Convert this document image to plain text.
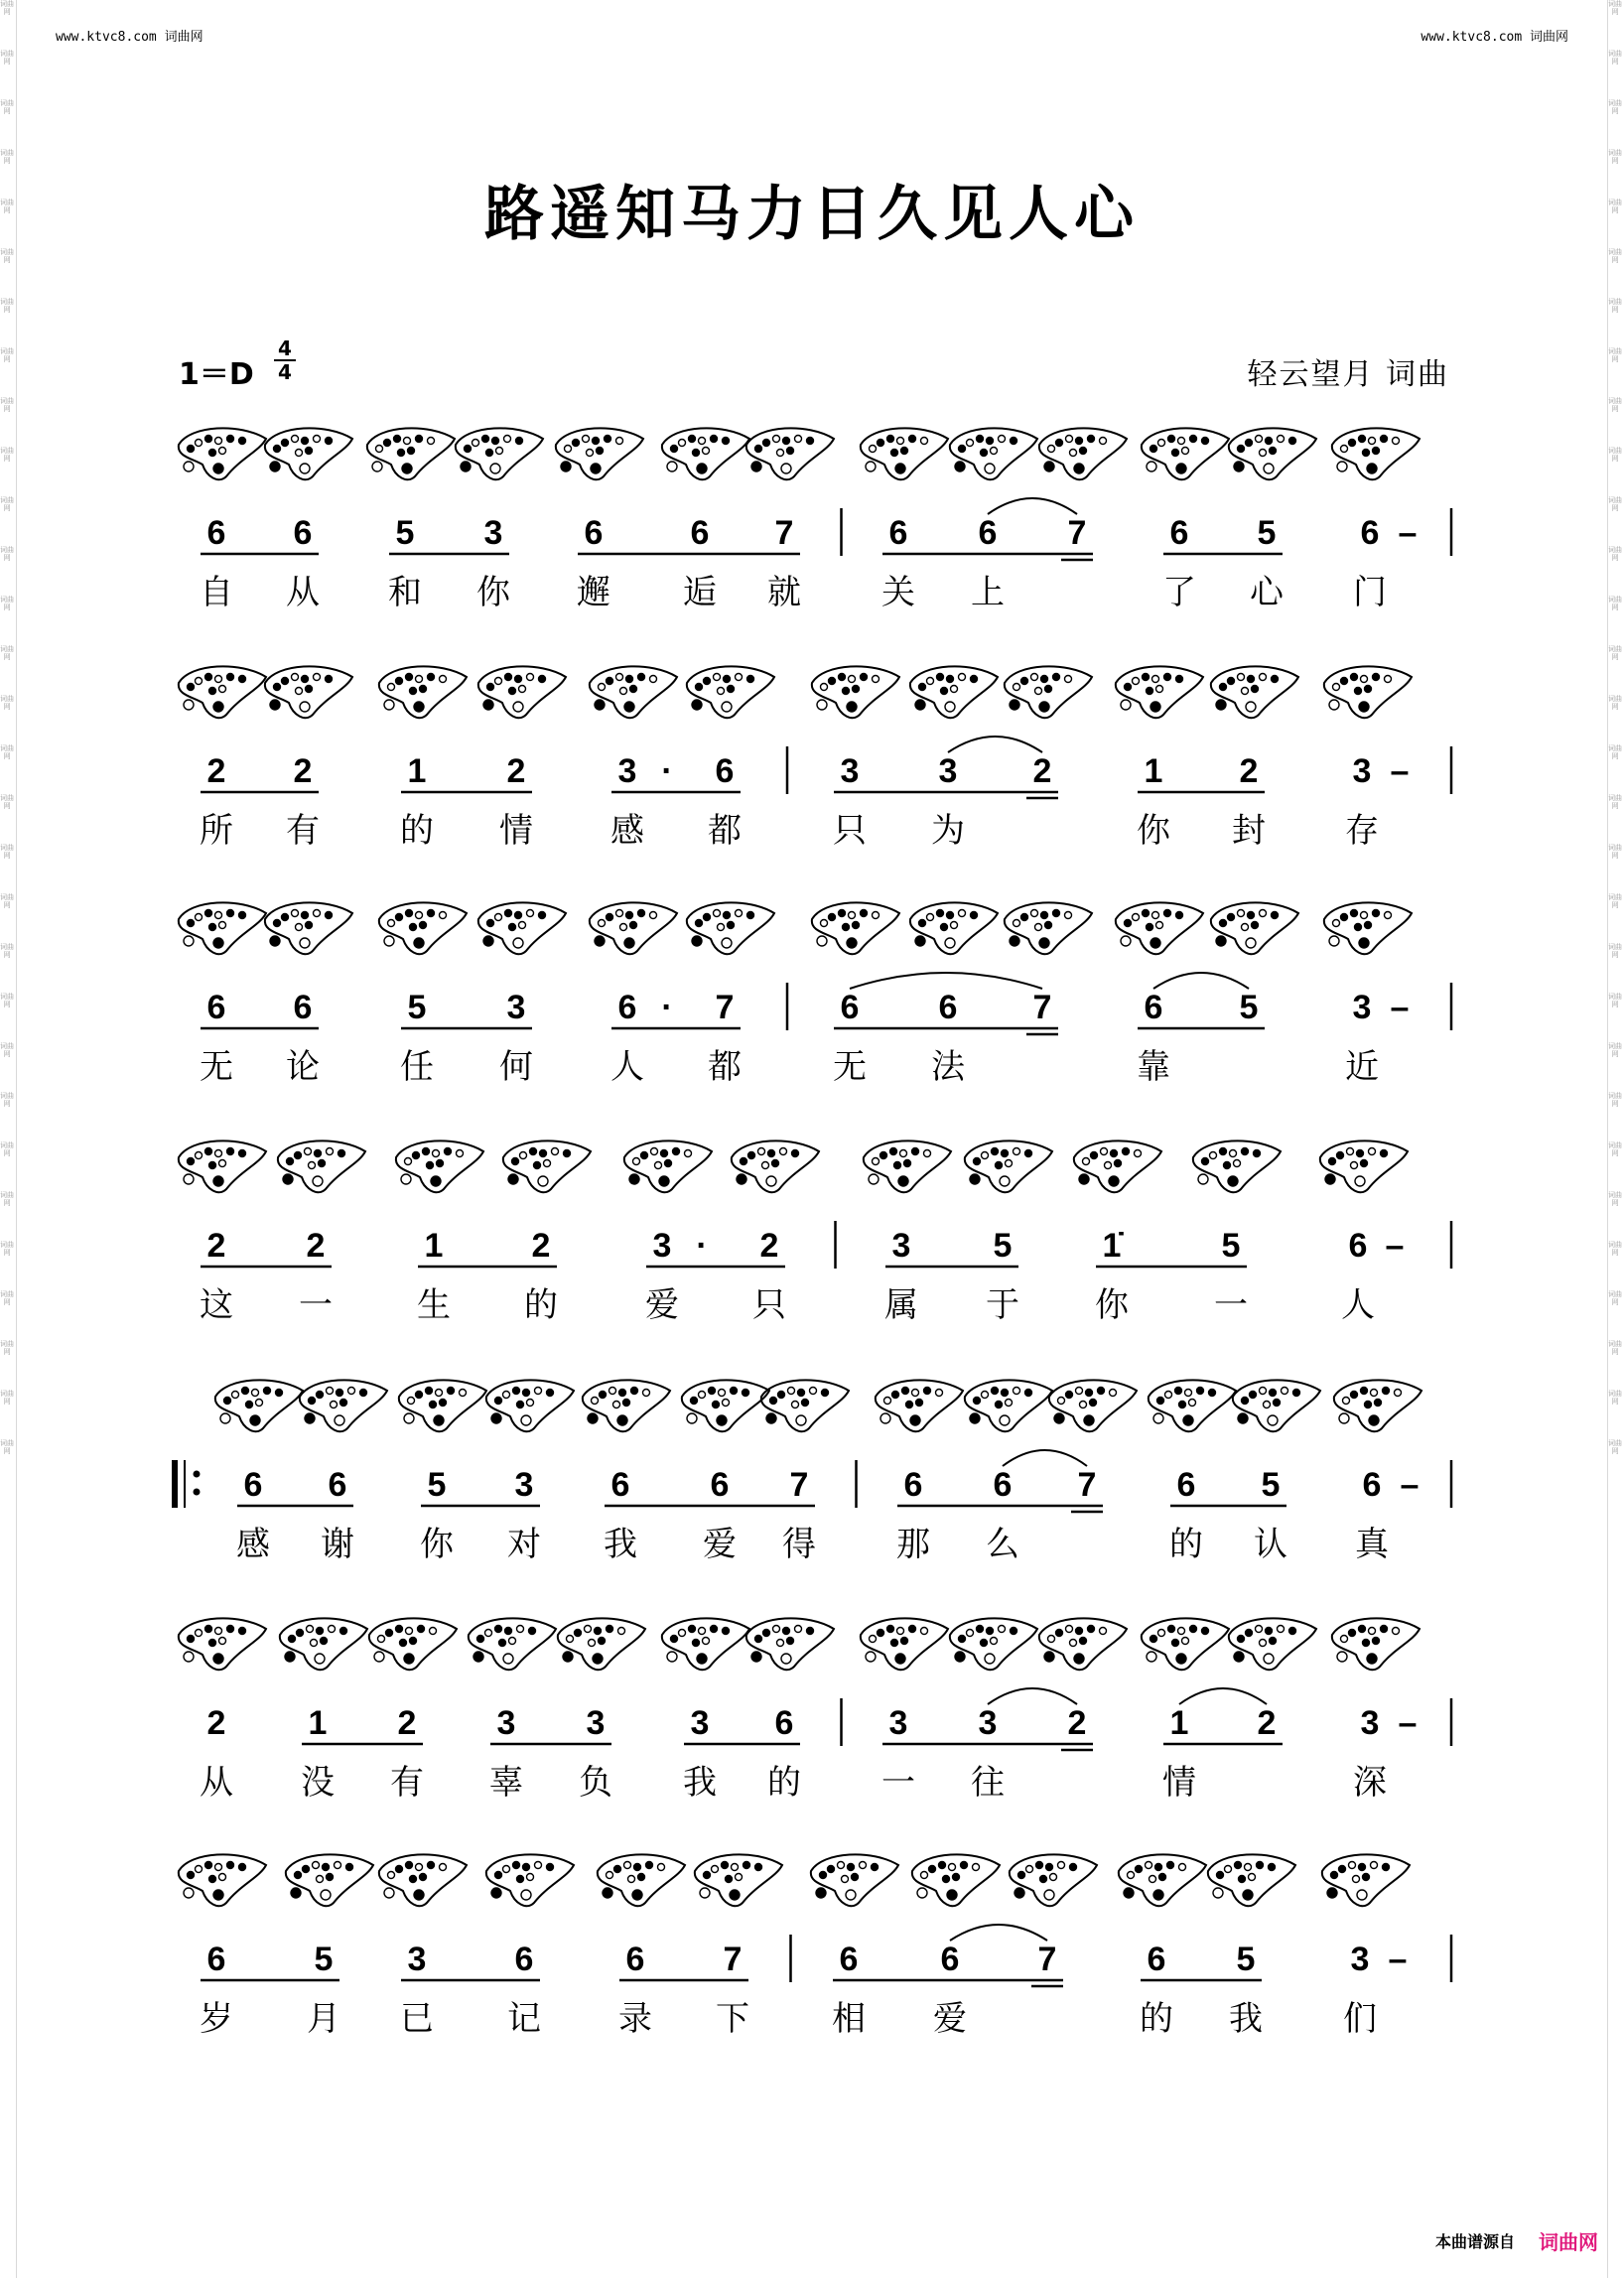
词曲网
词曲网
词曲网
词曲网
词曲网
词曲网
词曲网
词曲网
词曲网
词曲网
词曲网
词曲网
词曲网
词曲网
词曲网
词曲网
词曲网
词曲网
词曲网
词曲网
词曲网
词曲网
词曲网
词曲网
词曲网
词曲网
词曲网
词曲网
词曲网
词曲网
词曲网
词曲网
词曲网
词曲网
词曲网
词曲网
词曲网
词曲网
词曲网
词曲网
词曲网
词曲网
词曲网
词曲网
词曲网
词曲网
词曲网
词曲网
词曲网
词曲网
词曲网
词曲网
词曲网
词曲网
词曲网
词曲网
词曲网
词曲网
词曲网
词曲网
www.ktvc8.com 词曲网	www.ktvc8.com 词曲网
路遥知马力日久见人心
$1=D \frac{4}{4}$	轻云望月 词曲
6 6 5 3 6	6 7	6 6 7 6 5	6 –
自 从 和 你 邂 逅 就 关 上	了 心 门
2 2	1 2	3 · 6	3 3 2	1 2	3 –
所 有 的 情 感 都	只 为	你 封 存
6 6	5 3	6 · 7	6 6 7	6 5	3 –
无 论 任 何 人 都	无 法	靠	近
2 2	1	2	3 · 2	3 5	1̇	5	6 –
这 一	生 的	爱 只	属 于 你	一	人
6 6 5 3 6 6 7	6 6 7 6 5 6 –
感 谢 你 对 我 爱 得 那 么	的 认 真
2 1 2 3 3	3 6	3 3 2 1 2	3 –
从 没 有 辜 负 我 的 一 往	情	深
6	5 3	6	6 7	6 6 7	6 5	3 –
岁 月 已 记 录 下 相 爱	的 我 们
本曲谱源自 词曲网
